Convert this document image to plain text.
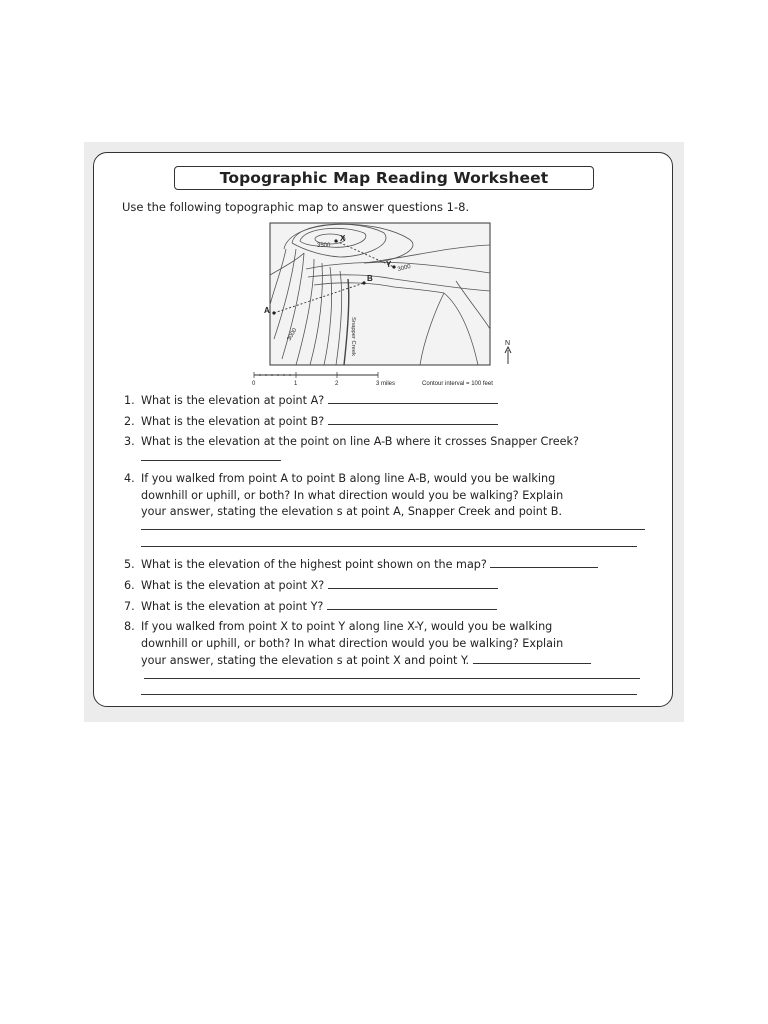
Topographic Map Reading Worksheet
Use the following topographic map to answer questions 1-8.
X
Y
A
B
3500
3000
3000	Snapper Creek	N
0	1	2	3 miles	Contour interval = 100 feet
1. What is the elevation at point A?
2. What is the elevation at point B?
3. What is the elevation at the point on line A-B where it crosses Snapper Creek?
4. If you walked from point A to point B along line A-B, would you be walking
downhill or uphill, or both? In what direction would you be walking? Explain
your answer, stating the elevation s at point A, Snapper Creek and point B.
5. What is the elevation of the highest point shown on the map?
6. What is the elevation at point X?
7. What is the elevation at point Y?
8. If you walked from point X to point Y along line X-Y, would you be walking
downhill or uphill, or both? In what direction would you be walking? Explain
your answer, stating the elevation s at point X and point Y.
